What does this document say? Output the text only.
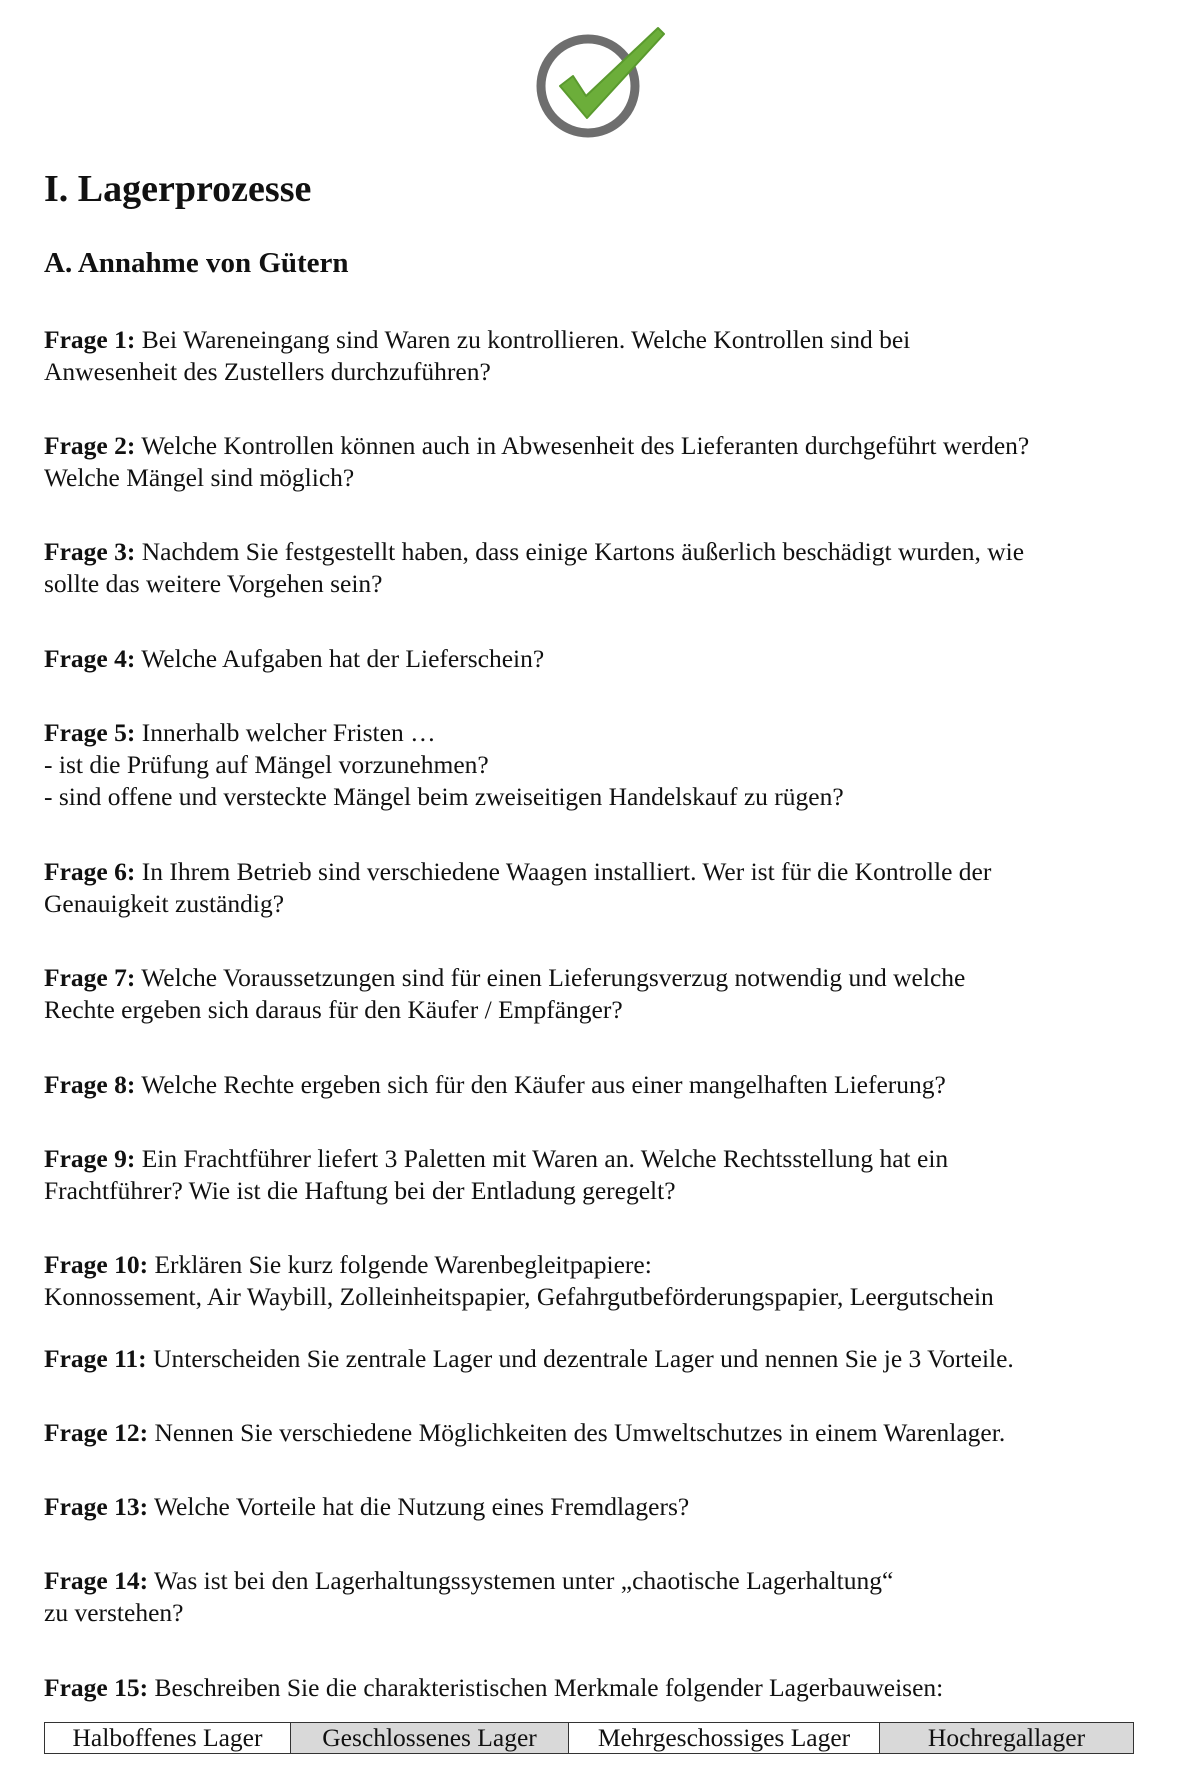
I. Lagerprozesse
A. Annahme von Gütern

Frage 1: Bei Wareneingang sind Waren zu kontrollieren. Welche Kontrollen sind bei
Anwesenheit des Zustellers durchzuführen?

Frage 2: Welche Kontrollen können auch in Abwesenheit des Lieferanten durchgeführt werden?
Welche Mängel sind möglich?

Frage 3: Nachdem Sie festgestellt haben, dass einige Kartons äußerlich beschädigt wurden, wie
sollte das weitere Vorgehen sein?

Frage 4: Welche Aufgaben hat der Lieferschein?

Frage 5: Innerhalb welcher Fristen …
- ist die Prüfung auf Mängel vorzunehmen?
- sind offene und versteckte Mängel beim zweiseitigen Handelskauf zu rügen?

Frage 6: In Ihrem Betrieb sind verschiedene Waagen installiert. Wer ist für die Kontrolle der
Genauigkeit zuständig?

Frage 7: Welche Voraussetzungen sind für einen Lieferungsverzug notwendig und welche
Rechte ergeben sich daraus für den Käufer / Empfänger?

Frage 8: Welche Rechte ergeben sich für den Käufer aus einer mangelhaften Lieferung?

Frage 9: Ein Frachtführer liefert 3 Paletten mit Waren an. Welche Rechtsstellung hat ein
Frachtführer? Wie ist die Haftung bei der Entladung geregelt?

Frage 10: Erklären Sie kurz folgende Warenbegleitpapiere:
Konnossement, Air Waybill, Zolleinheitspapier, Gefahrgutbeförderungspapier, Leergutschein

Frage 11: Unterscheiden Sie zentrale Lager und dezentrale Lager und nennen Sie je 3 Vorteile.

Frage 12: Nennen Sie verschiedene Möglichkeiten des Umweltschutzes in einem Warenlager.

Frage 13: Welche Vorteile hat die Nutzung eines Fremdlagers?

Frage 14: Was ist bei den Lagerhaltungssystemen unter „chaotische Lagerhaltung“
zu verstehen?

Frage 15: Beschreiben Sie die charakteristischen Merkmale folgender Lagerbauweisen:

Halboffenes Lager	Geschlossenes Lager	Mehrgeschossiges Lager	Hochregallager
